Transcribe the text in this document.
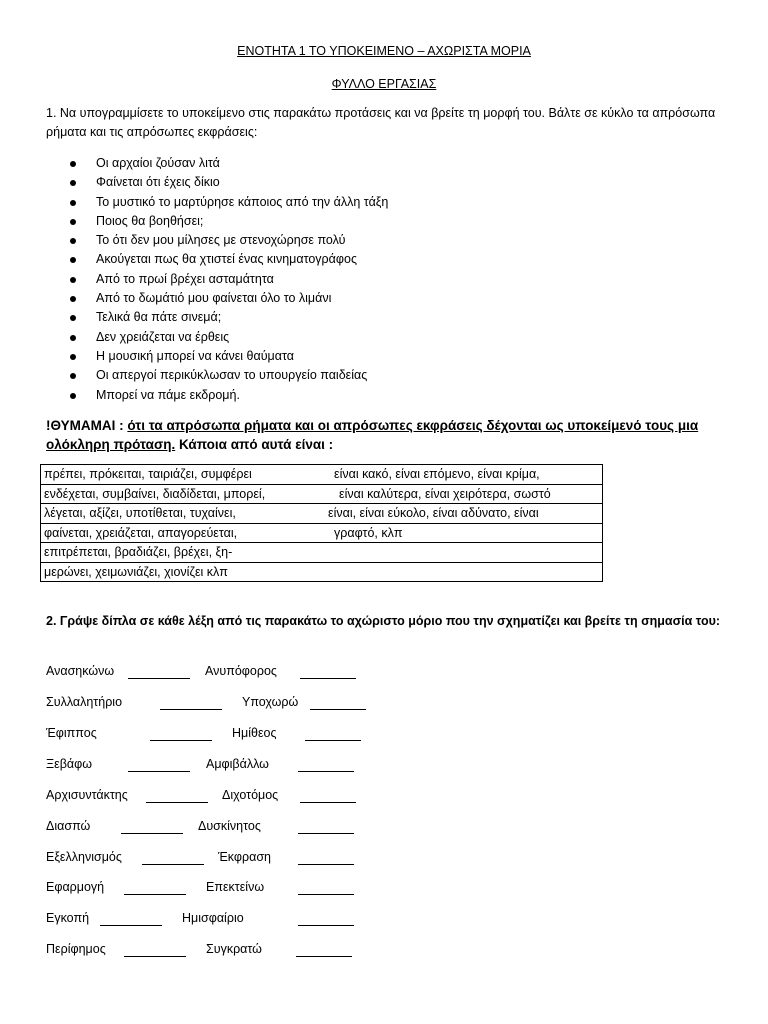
ΕΝΟΤΗΤΑ 1 ΤΟ ΥΠΟΚΕΙΜΕΝΟ – ΑΧΩΡΙΣΤΑ ΜΟΡΙΑ
ΦΥΛΛΟ ΕΡΓΑΣΙΑΣ
1. Να υπογραμμίσετε το υποκείμενο στις παρακάτω προτάσεις και να βρείτε τη μορφή του. Βάλτε σε κύκλο τα απρόσωπα ρήματα και τις απρόσωπες εκφράσεις:
Οι αρχαίοι ζούσαν λιτά
Φαίνεται ότι έχεις δίκιο
Το μυστικό το μαρτύρησε κάποιος από την άλλη τάξη
Ποιος θα βοηθήσει;
Το ότι δεν μου μίλησες με στενοχώρησε πολύ
Ακούγεται πως θα χτιστεί ένας κινηματογράφος
Από το πρωί βρέχει ασταμάτητα
Από το δωμάτιό μου φαίνεται όλο το λιμάνι
Τελικά θα πάτε σινεμά;
Δεν χρειάζεται να έρθεις
Η μουσική μπορεί να κάνει θαύματα
Οι απεργοί περικύκλωσαν το υπουργείο παιδείας
Μπορεί να πάμε εκδρομή.
!ΘΥΜΑΜΑΙ : ότι τα απρόσωπα ρήματα και οι απρόσωπες εκφράσεις δέχονται ως υποκείμενό τους μια ολόκληρη πρόταση. Κάποια από αυτά είναι :
πρέπει, πρόκειται, ταιριάζει, συμφέρει	είναι κακό, είναι επόμενο, είναι κρίμα,

ενδέχεται, συμβαίνει, διαδίδεται, μπορεί,	είναι καλύτερα, είναι χειρότερα, σωστό

λέγεται, αξίζει, υποτίθεται, τυχαίνει,	είναι, είναι εύκολο, είναι αδύνατο, είναι

φαίνεται, χρειάζεται, απαγορεύεται,	γραφτό, κλπ

επιτρέπεται, βραδιάζει, βρέχει, ξη-
μερώνει, χειμωνιάζει, χιονίζει κλπ
2. Γράψε δίπλα σε κάθε λέξη από τις παρακάτω το αχώριστο μόριο που την σχηματίζει και βρείτε τη σημασία του:
Ανασηκώνω	Ανυπόφορος
Συλλαλητήριο	Υποχωρώ
Έφιππος	Ημίθεος
Ξεβάφω	Αμφιβάλλω
Αρχισυντάκτης	Διχοτόμος
Διασπώ	Δυσκίνητος
Εξελληνισμός	Έκφραση
Εφαρμογή	Επεκτείνω
Εγκοπή	Ημισφαίριο
Περίφημος	Συγκρατώ
